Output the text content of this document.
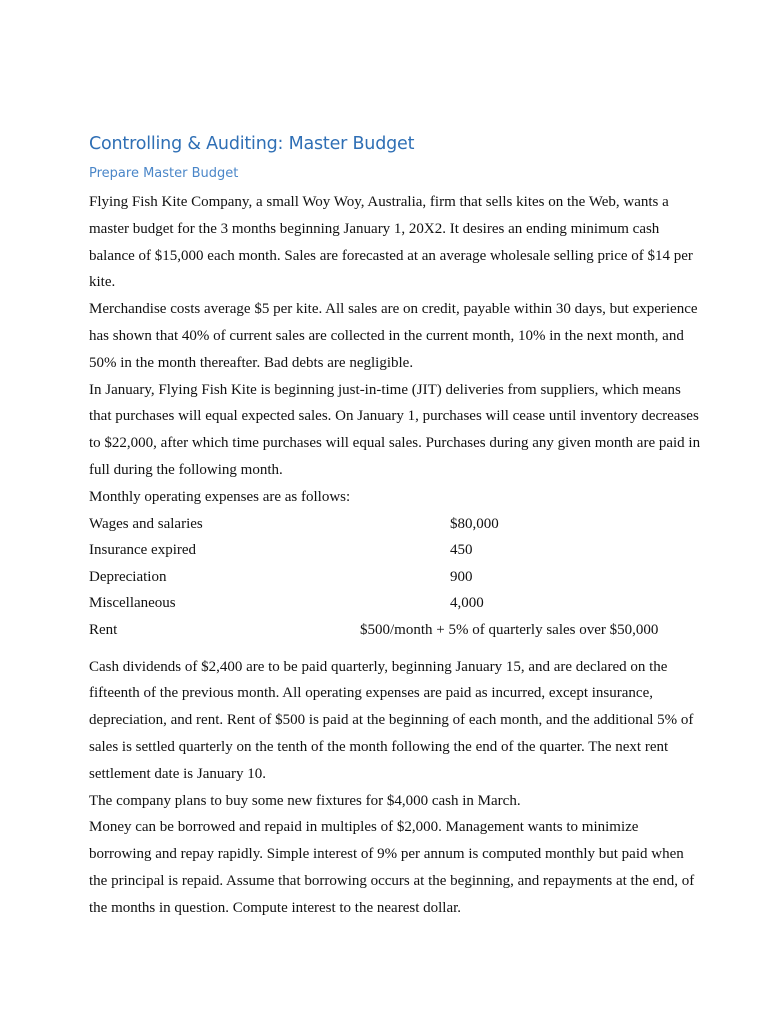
Controlling & Auditing: Master Budget
Prepare Master Budget

Flying Fish Kite Company, a small Woy Woy, Australia, firm that sells kites on the Web, wants a master budget for the 3 months beginning January 1, 20X2. It desires an ending minimum cash balance of $15,000 each month. Sales are forecasted at an average wholesale selling price of $14 per kite.

Merchandise costs average $5 per kite. All sales are on credit, payable within 30 days, but experience has shown that 40% of current sales are collected in the current month, 10% in the next month, and 50% in the month thereafter. Bad debts are negligible.

In January, Flying Fish Kite is beginning just-in-time (JIT) deliveries from suppliers, which means that purchases will equal expected sales. On January 1, purchases will cease until inventory decreases to $22,000, after which time purchases will equal sales. Purchases during any given month are paid in full during the following month.

Monthly operating expenses are as follows:

Wages and salaries	$80,000
Insurance expired	450
Depreciation	900
Miscellaneous	4,000
Rent	$500/month + 5% of quarterly sales over $50,000

Cash dividends of $2,400 are to be paid quarterly, beginning January 15, and are declared on the fifteenth of the previous month. All operating expenses are paid as incurred, except insurance, depreciation, and rent. Rent of $500 is paid at the beginning of each month, and the additional 5% of sales is settled quarterly on the tenth of the month following the end of the quarter. The next rent settlement date is January 10.

The company plans to buy some new fixtures for $4,000 cash in March.

Money can be borrowed and repaid in multiples of $2,000. Management wants to minimize borrowing and repay rapidly. Simple interest of 9% per annum is computed monthly but paid when the principal is repaid. Assume that borrowing occurs at the beginning, and repayments at the end, of the months in question. Compute interest to the nearest dollar.
